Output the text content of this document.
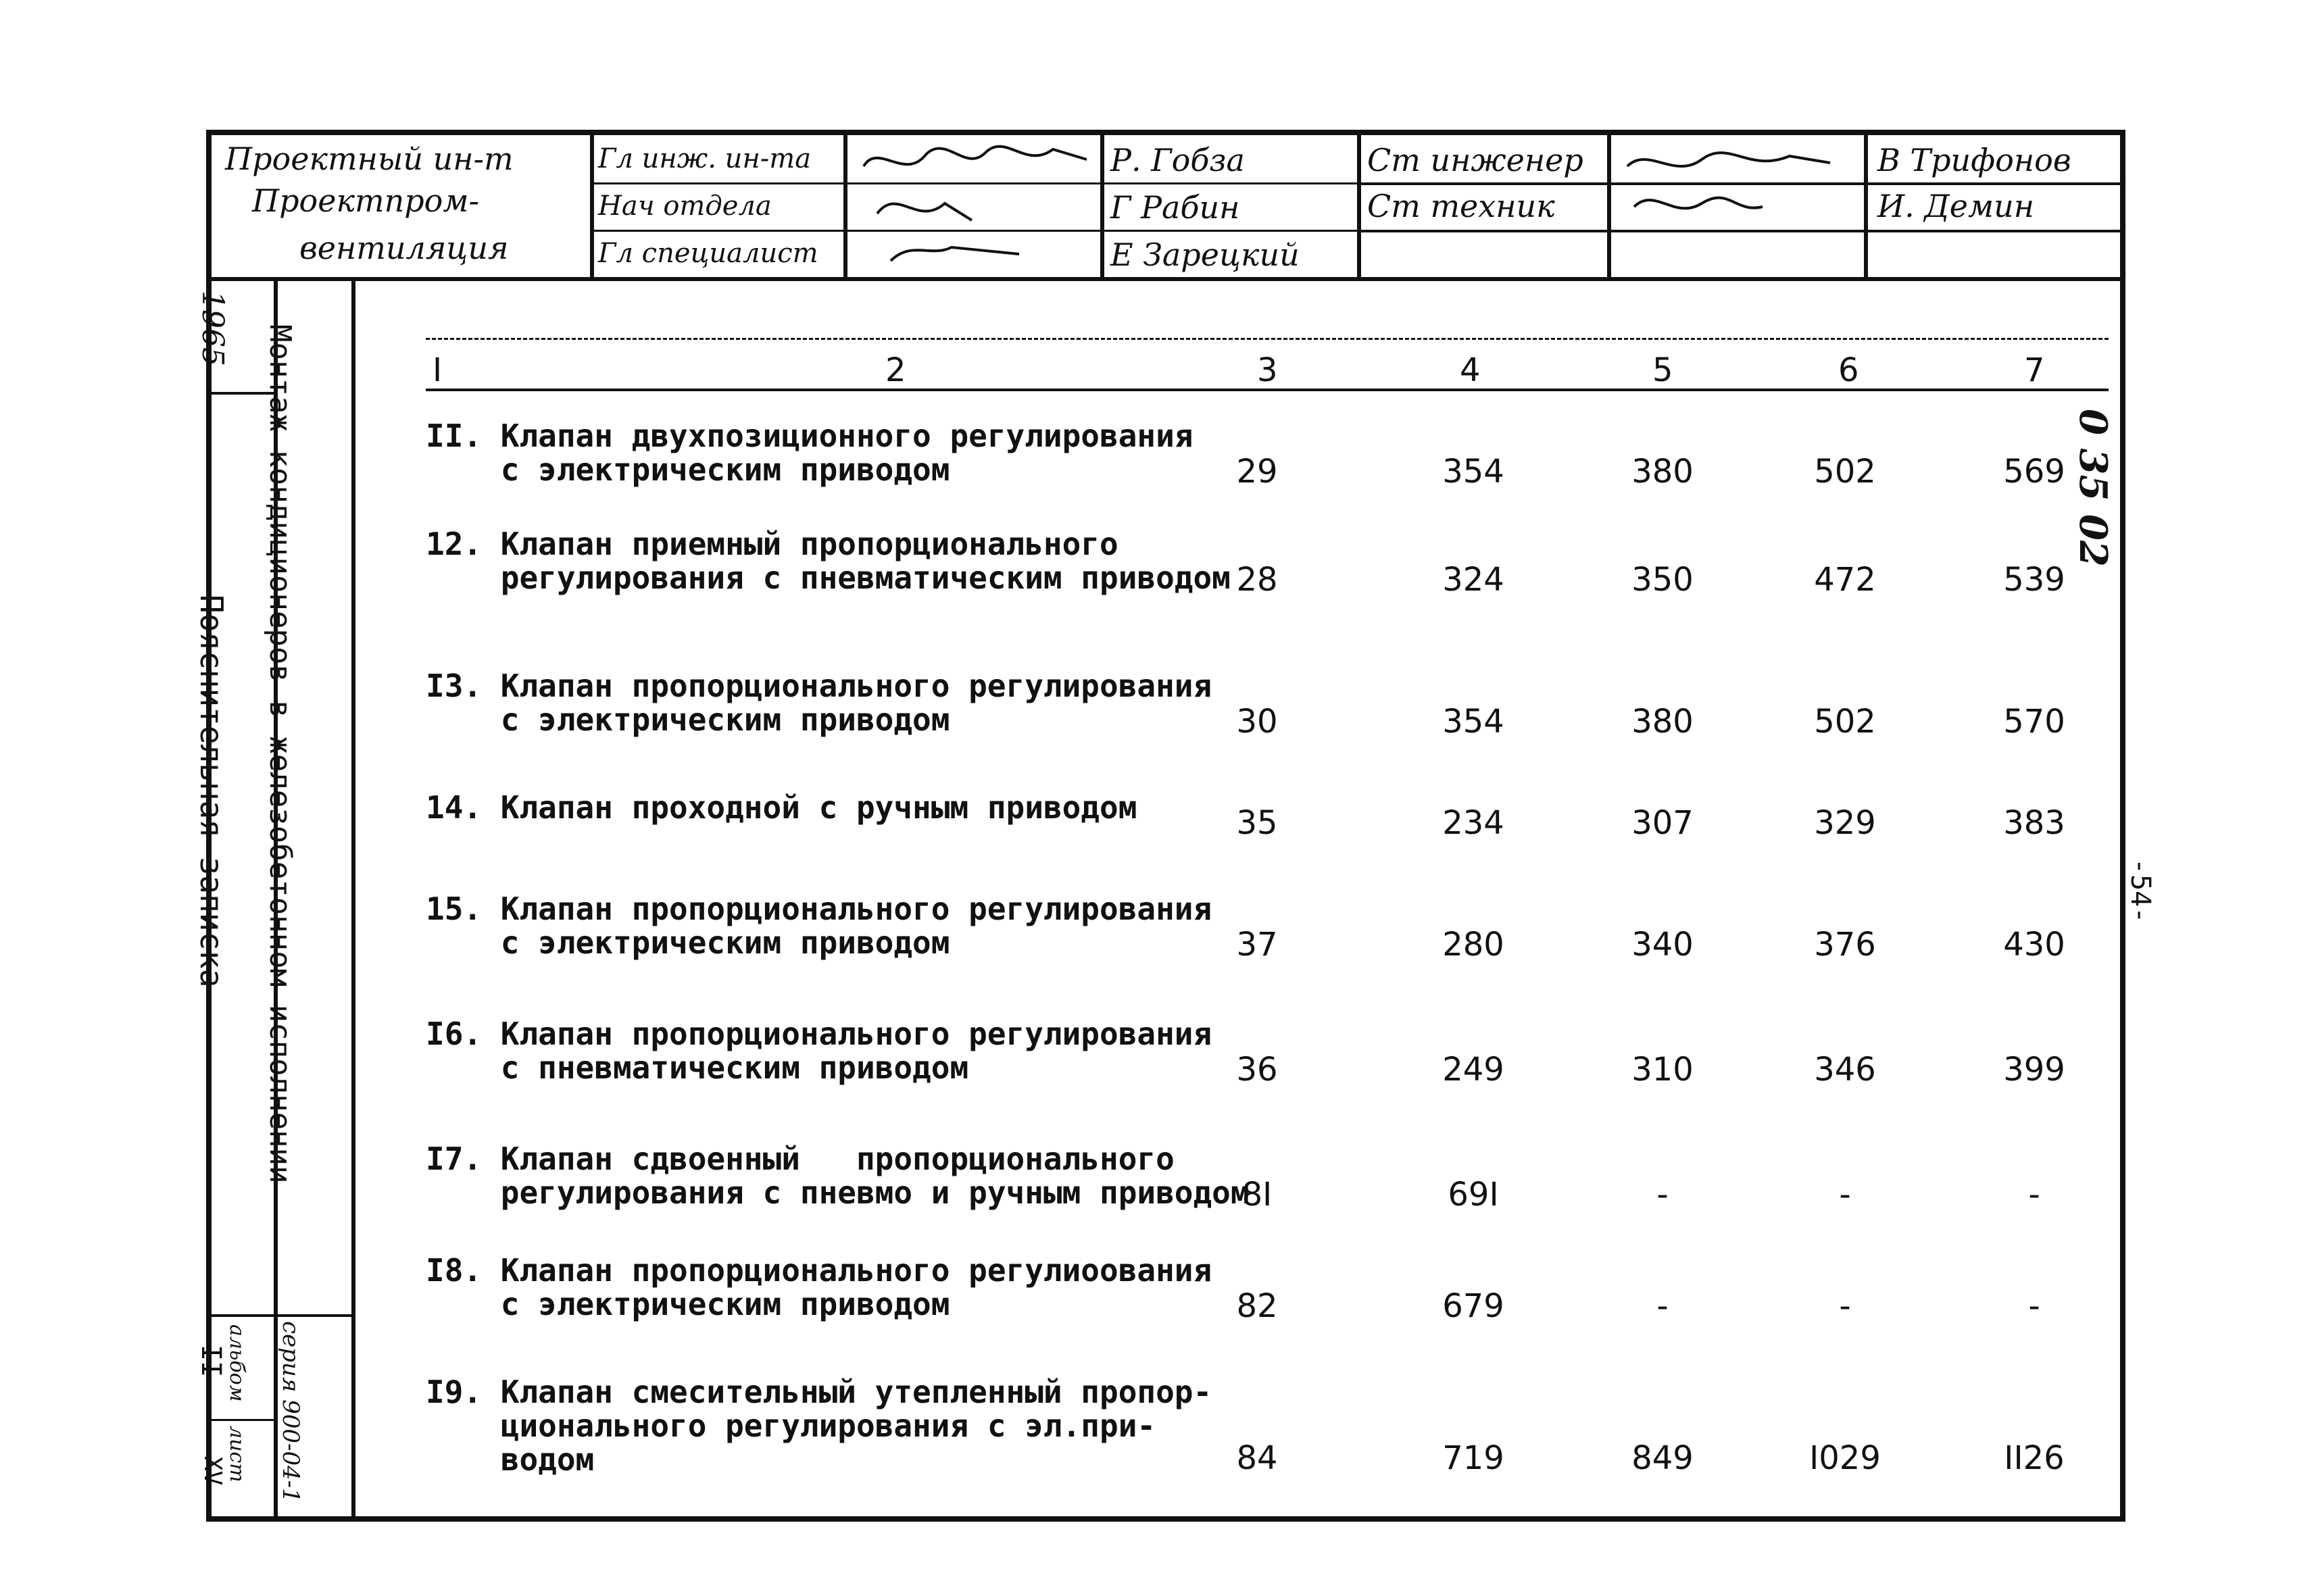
Проектный ин-т
Проектпром-
вентиляция
Гл инж. ин-та
Нач отдела
Гл специалист
Р. Гобза
Г Рабин
Е Зарецкий
Ст инженер
Ст техник
В Трифонов
И. Демин
1965
Пояснительная записка Монтаж кондиционеров в железобетонном исполнении
серия 900-04-1
альбом
II
лист
XV
0 35 02
-54-
I	2	3	4	5	6	7
II. Клапан двухпозиционного регулирования
с электрическим приводом	29	354	380	502	569
12. Клапан приемный пропорционального
регулирования с пневматическим приводом 28	324	350	472	539
I3. Клапан пропорционального регулирования
с электрическим приводом	30	354	380	502	570
14. Клапан проходной с ручным приводом	35	234	307	329	383
15. Клапан пропорционального регулирования
с электрическим приводом	37	280	340	376	430
I6. Клапан пропорционального регулирования
с пневматическим приводом	36	249	310	346	399
I7. Клапан сдвоенный   пропорционального
регулирования с пневмо и ручным приводом
8I	69I	-	-	-
I8. Клапан пропорционального регулиоования
с электрическим приводом	82	679	-	-	-
I9. Клапан смесительный утепленный пропор-
циональногo регулирования с эл.при-
водом	84	719	849	I029	II26
